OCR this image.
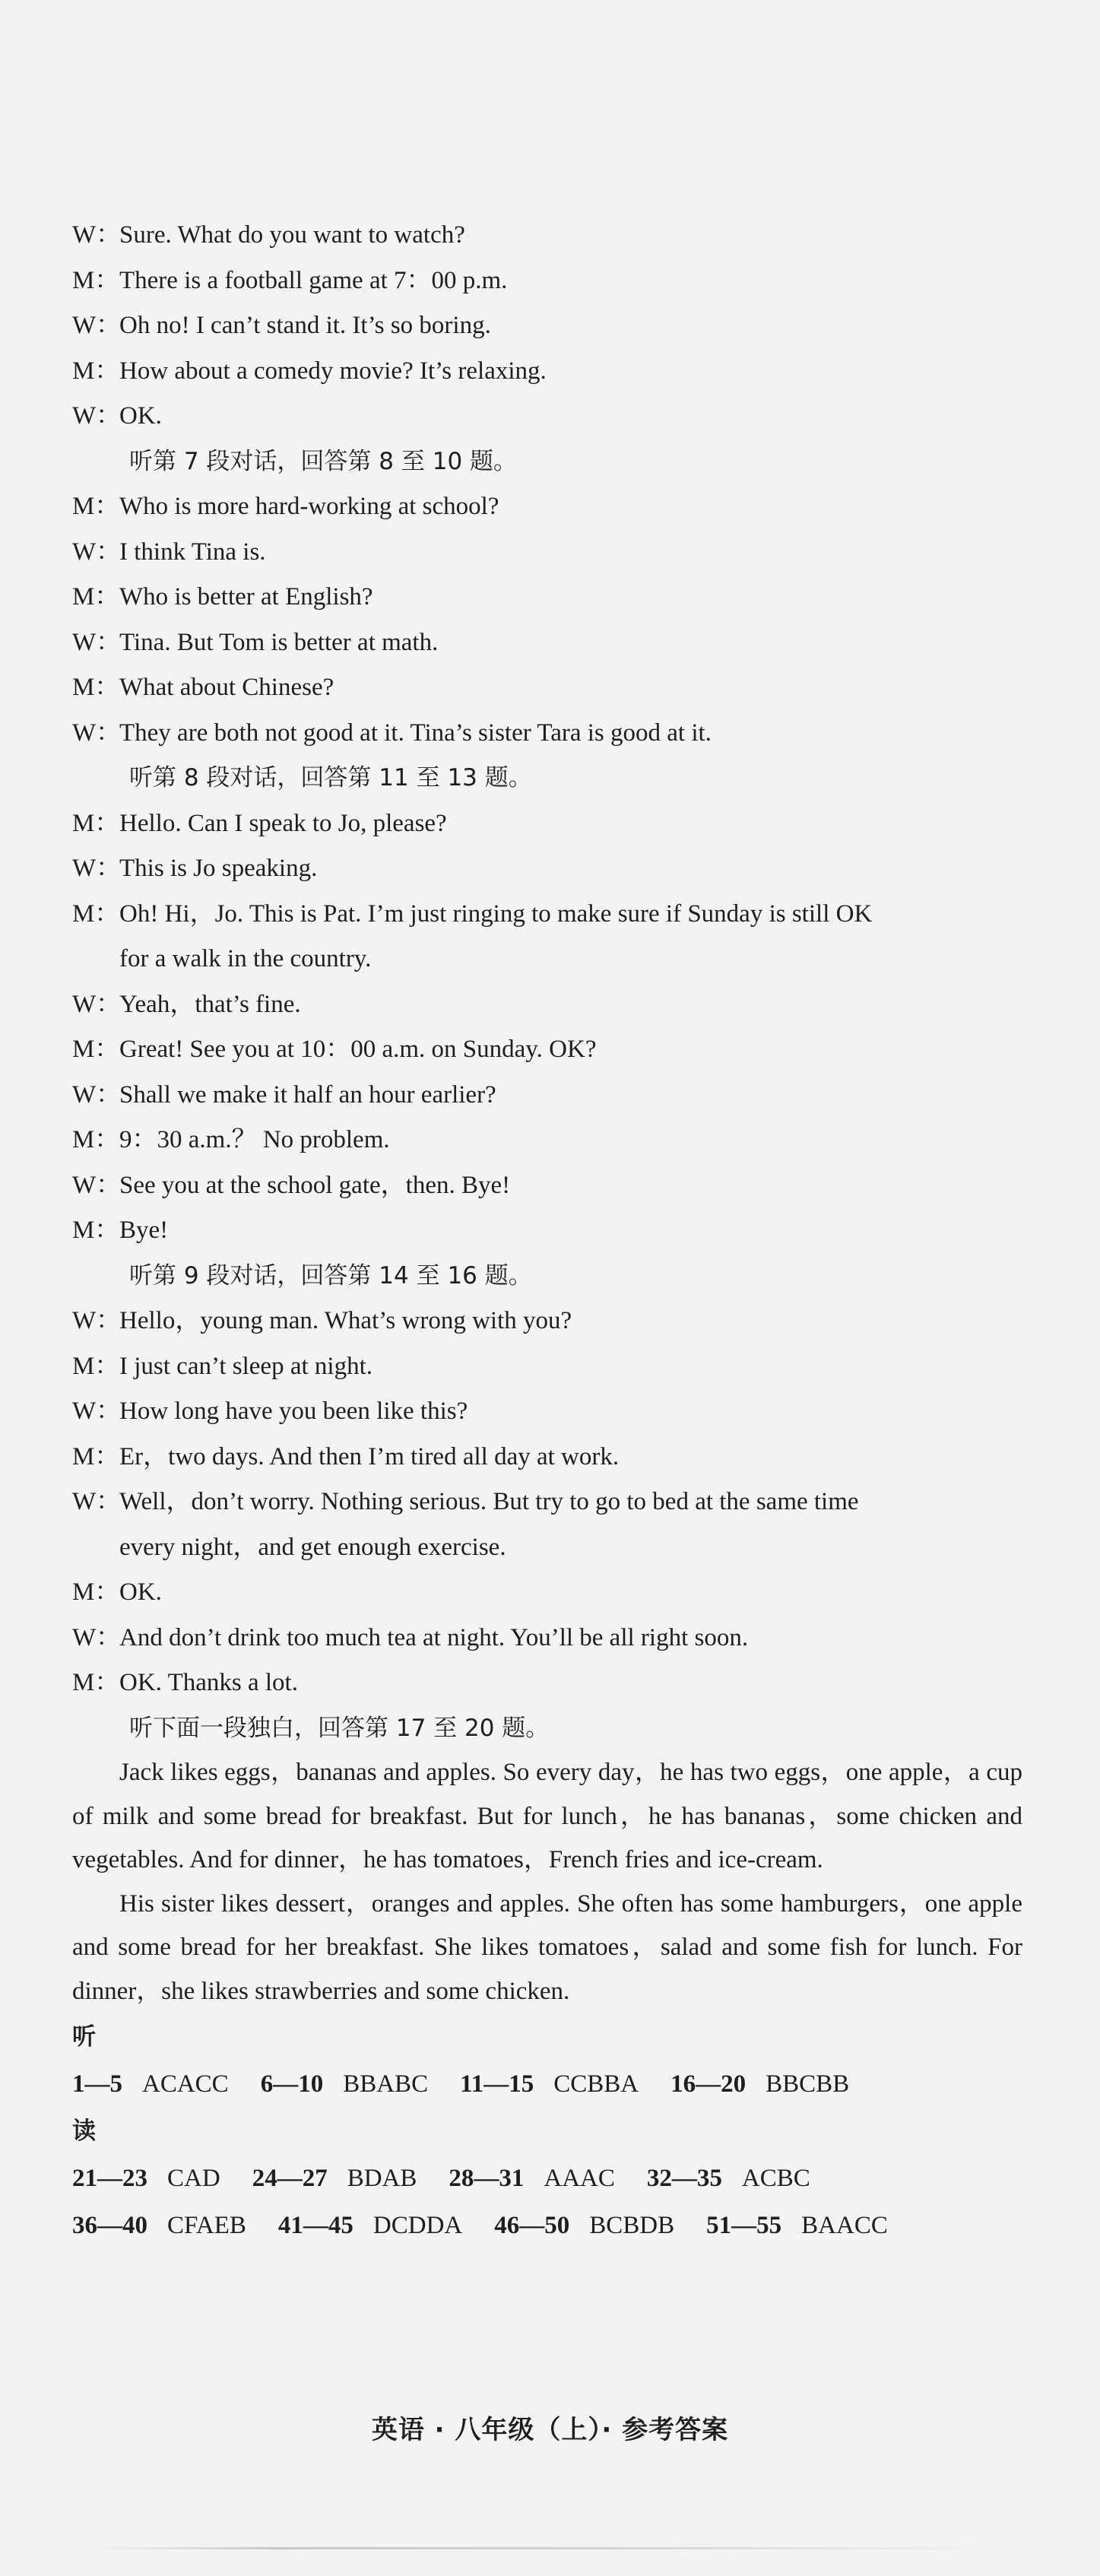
W：Sure. What do you want to watch?
M：There is a football game at 7：00 p.m.
W：Oh no! I can’t stand it. It’s so boring.
M：How about a comedy movie? It’s relaxing.
W：OK.
听第 7 段对话，回答第 8 至 10 题。
M：Who is more hard-working at school?
W：I think Tina is.
M：Who is better at English?
W：Tina. But Tom is better at math.
M：What about Chinese?
W：They are both not good at it. Tina’s sister Tara is good at it.
听第 8 段对话，回答第 11 至 13 题。
M：Hello. Can I speak to Jo, please?
W：This is Jo speaking.
M：Oh! Hi，Jo. This is Pat. I’m just ringing to make sure if Sunday is still OK
for a walk in the country.
W：Yeah，that’s fine.
M：Great! See you at 10：00 a.m. on Sunday. OK?
W：Shall we make it half an hour earlier?
M：9：30 a.m.？ No problem.
W：See you at the school gate，then. Bye!
M：Bye!
听第 9 段对话，回答第 14 至 16 题。
W：Hello，young man. What’s wrong with you?
M：I just can’t sleep at night.
W：How long have you been like this?
M：Er，two days. And then I’m tired all day at work.
W：Well，don’t worry. Nothing serious. But try to go to bed at the same time
every night，and get enough exercise.
M：OK.
W：And don’t drink too much tea at night. You’ll be all right soon.
M：OK. Thanks a lot.
听下面一段独白，回答第 17 至 20 题。

Jack likes eggs，bananas and apples. So every day，he has two eggs，one apple，a cup of milk and some bread for breakfast. But for lunch，he has bananas，some chicken and vegetables. And for dinner，he has tomatoes，French fries and ice-cream.

His sister likes dessert，oranges and apples. She often has some hamburgers，one apple and some bread for her breakfast. She likes tomatoes，salad and some fish for lunch. For dinner，she likes strawberries and some chicken.

听
1—5 ACACC 6—10 BBABC 11—15 CCBBA 16—20 BBCBB
读
21—23 CAD 24—27 BDAB 28—31 AAAC 32—35 ACBC
36—40 CFAEB 41—45 DCDDA 46—50 BCBDB 51—55 BAACC
英语 · 八年级（上）· 参考答案
